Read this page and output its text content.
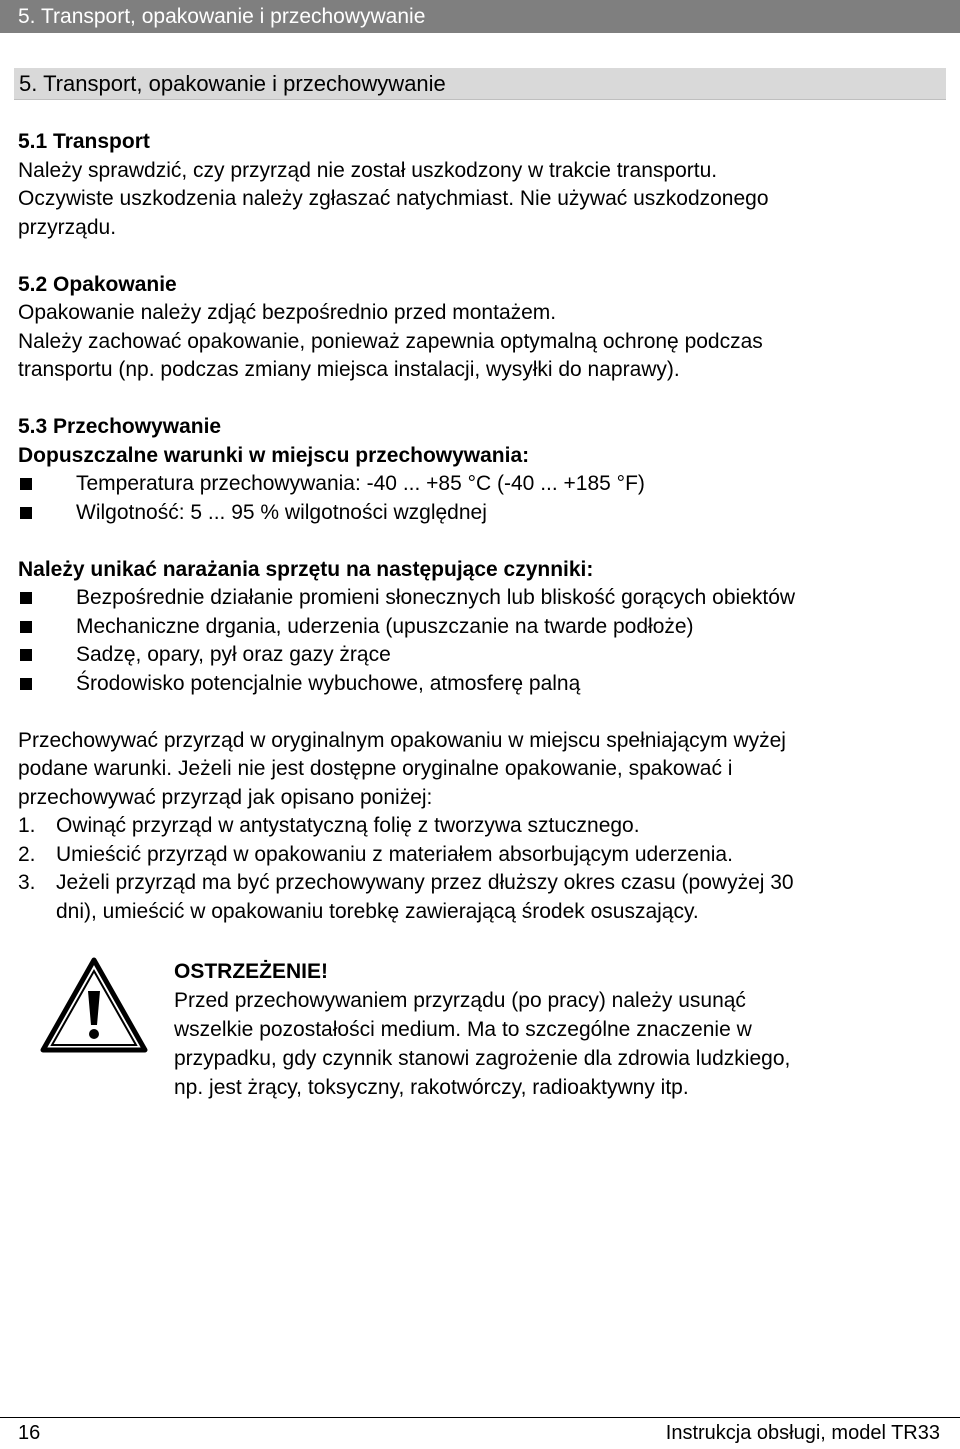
5. Transport, opakowanie i przechowywanie
5. Transport, opakowanie i przechowywanie

5.1 Transport

Należy sprawdzić, czy przyrząd nie został uszkodzony w trakcie transportu.

Oczywiste uszkodzenia należy zgłaszać natychmiast. Nie używać uszkodzonego

przyrządu.

5.2 Opakowanie

Opakowanie należy zdjąć bezpośrednio przed montażem.

Należy zachować opakowanie, ponieważ zapewnia optymalną ochronę podczas

transportu (np. podczas zmiany miejsca instalacji, wysyłki do naprawy).

5.3 Przechowywanie

Dopuszczalne warunki w miejscu przechowywania:

Temperatura przechowywania: -40 ... +85 °C (-40 ... +185 °F)
Wilgotność: 5 ... 95 % wilgotności względnej

Należy unikać narażania sprzętu na następujące czynniki:

Bezpośrednie działanie promieni słonecznych lub bliskość gorących obiektów
Mechaniczne drgania, uderzenia (upuszczanie na twarde podłoże)
Sadzę, opary, pył oraz gazy żrące
Środowisko potencjalnie wybuchowe, atmosferę palną

Przechowywać przyrząd w oryginalnym opakowaniu w miejscu spełniającym wyżej

podane warunki. Jeżeli nie jest dostępne oryginalne opakowanie, spakować i

przechowywać przyrząd jak opisano poniżej:

1. Owinąć przyrząd w antystatyczną folię z tworzywa sztucznego.
2. Umieścić przyrząd w opakowaniu z materiałem absorbującym uderzenia.
3. Jeżeli przyrząd ma być przechowywany przez dłuższy okres czasu (powyżej 30
dni), umieścić w opakowaniu torebkę zawierającą środek osuszający.
OSTRZEŻENIE!
Przed przechowywaniem przyrządu (po pracy) należy usunąć
wszelkie pozostałości medium. Ma to szczególne znaczenie w
przypadku, gdy czynnik stanowi zagrożenie dla zdrowia ludzkiego,
np. jest żrący, toksyczny, rakotwórczy, radioaktywny itp.
16	Instrukcja obsługi, model TR33
